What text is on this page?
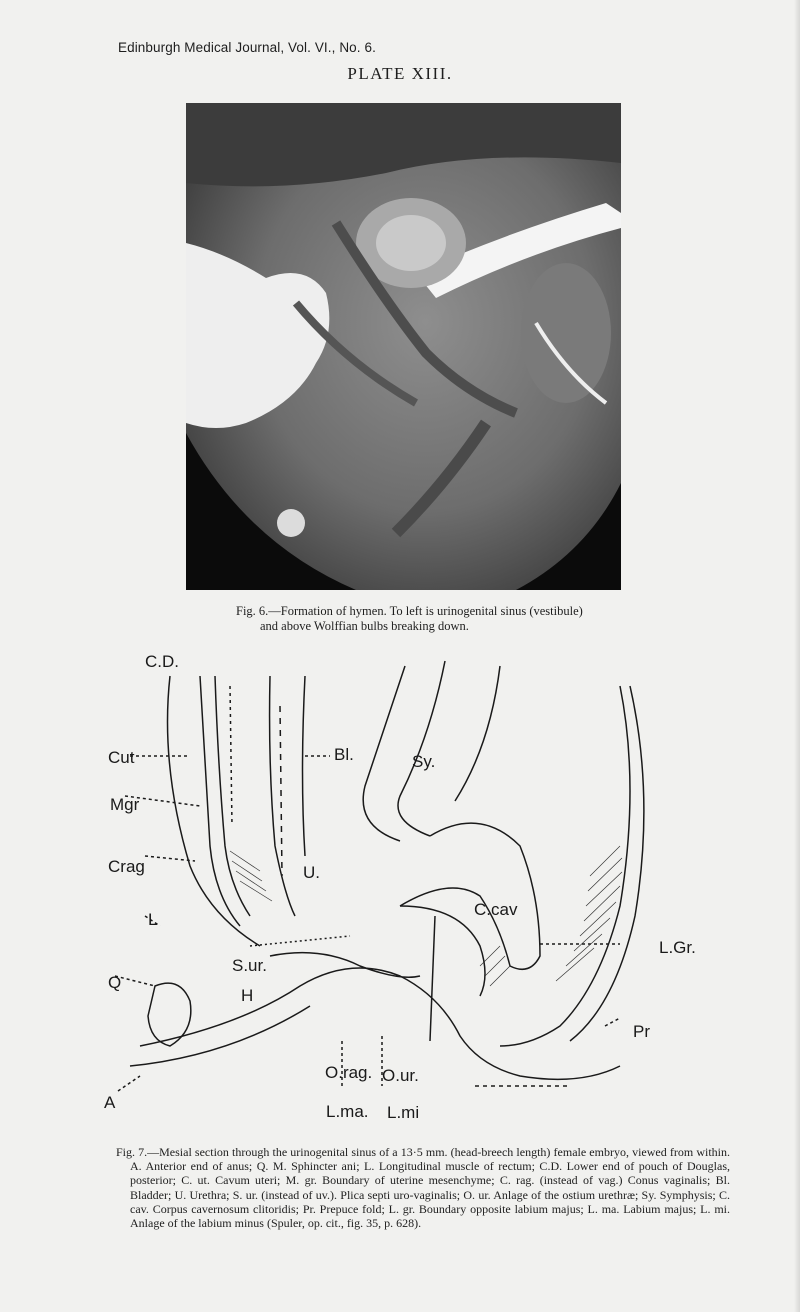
Edinburgh Medical Journal, Vol. VI., No. 6.
PLATE XIII.
Fig. 6.—Formation of hymen. To left is urinogenital sinus (vestibule)
and above Wolffian bulbs breaking down.
C.D.
Cut
Mgr
Crag
L
Q
A
Bl.	Sy.
U.
C.cav
L.Gr.
S.ur.
H
O.rag. O.ur.
Pr
L.ma. L.mi
Fig. 7.—Mesial section through the urinogenital sinus of a 13·5 mm. (head-breech length) female embryo, viewed from within. A. Anterior end of anus; Q. M. Sphincter ani; L. Longitudinal muscle of rectum; C.D. Lower end of pouch of Douglas, posterior; C. ut. Cavum uteri; M. gr. Boundary of uterine mesenchyme; C. rag. (instead of vag.) Conus vaginalis; Bl. Bladder; U. Urethra; S. ur. (instead of uv.). Plica septi uro-vaginalis; O. ur. Anlage of the ostium urethræ; Sy. Symphysis; C. cav. Corpus cavernosum clitoridis; Pr. Prepuce fold; L. gr. Boundary opposite labium majus; L. ma. Labium majus; L. mi. Anlage of the labium minus (Spuler, op. cit., fig. 35, p. 628).
